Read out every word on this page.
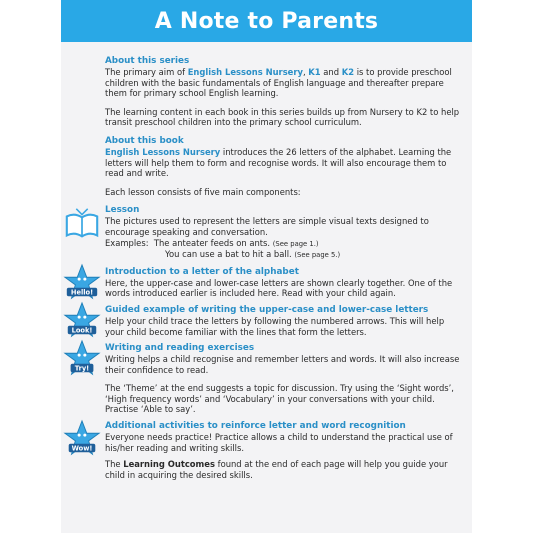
A Note to Parents
About this series
The primary aim of English Lessons Nursery, K1 and K2 is to provide preschool children with the basic fundamentals of English language and thereafter prepare them for primary school English learning.
The learning content in each book in this series builds up from Nursery to K2 to help transit preschool children into the primary school curriculum.
About this book
English Lessons Nursery introduces the 26 letters of the alphabet. Learning the letters will help them to form and recognise words. It will also encourage them to read and write.
Each lesson consists of five main components:
Lesson
The pictures used to represent the letters are simple visual texts designed to encourage speaking and conversation.
Examples: The anteater feeds on ants. (See page 1.)
You can use a bat to hit a ball. (See page 5.)
Hello!
Introduction to a letter of the alphabet
Here, the upper-case and lower-case letters are shown clearly together. One of the words introduced earlier is included here. Read with your child again.
Look!
Guided example of writing the upper-case and lower-case letters
Help your child trace the letters by following the numbered arrows. This will help your child become familiar with the lines that form the letters.
Try!
Writing and reading exercises
Writing helps a child recognise and remember letters and words. It will also increase their confidence to read.
The ‘Theme’ at the end suggests a topic for discussion. Try using the ‘Sight words’, ‘High frequency words’ and ‘Vocabulary’ in your conversations with your child. Practise ‘Able to say’.
Wow!
Additional activities to reinforce letter and word recognition
Everyone needs practice! Practice allows a child to understand the practical use of his/her reading and writing skills.
The Learning Outcomes found at the end of each page will help you guide your child in acquiring the desired skills.
